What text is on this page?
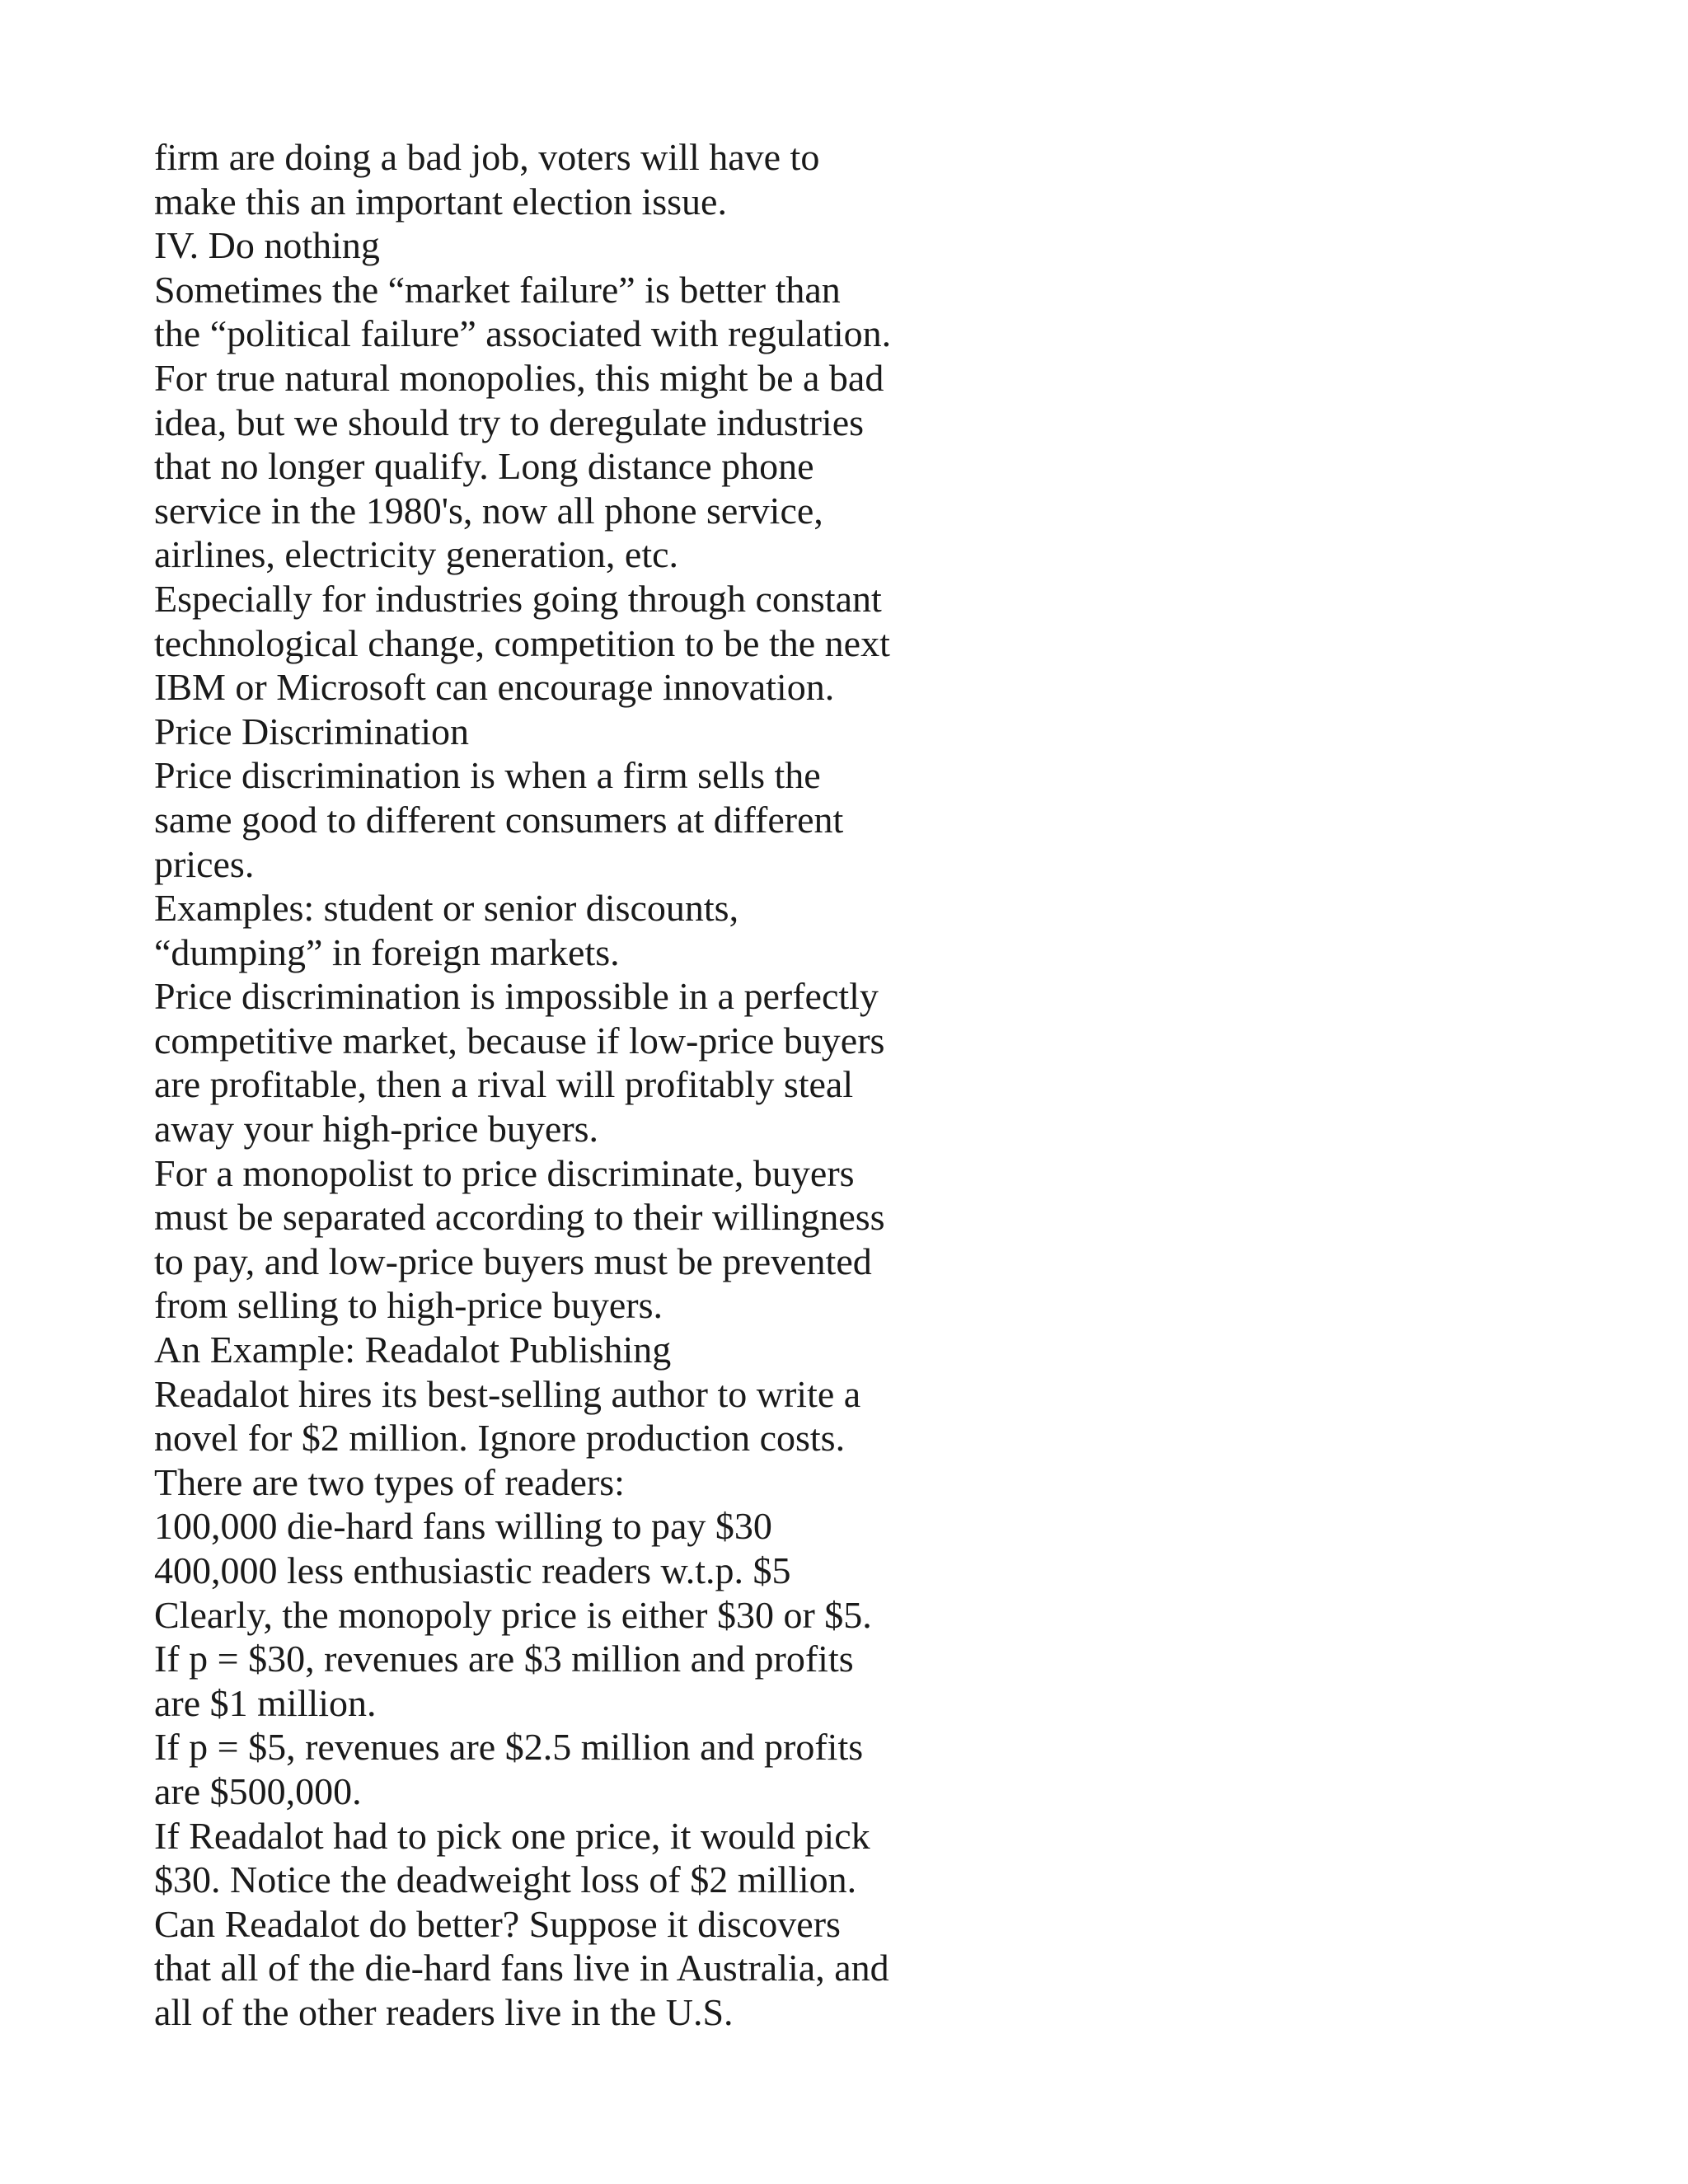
firm are doing a bad job, voters will have to
make this an important election issue.
IV. Do nothing
Sometimes the “market failure” is better than
the “political failure” associated with regulation.
For true natural monopolies, this might be a bad
idea, but we should try to deregulate industries
that no longer qualify. Long distance phone
service in the 1980's, now all phone service,
airlines, electricity generation, etc.
Especially for industries going through constant
technological change, competition to be the next
IBM or Microsoft can encourage innovation.
Price Discrimination
Price discrimination is when a firm sells the
same good to different consumers at different
prices.
Examples: student or senior discounts,
“dumping” in foreign markets.
Price discrimination is impossible in a perfectly
competitive market, because if low-price buyers
are profitable, then a rival will profitably steal
away your high-price buyers.
For a monopolist to price discriminate, buyers
must be separated according to their willingness
to pay, and low-price buyers must be prevented
from selling to high-price buyers.
An Example: Readalot Publishing
Readalot hires its best-selling author to write a
novel for $2 million. Ignore production costs.
There are two types of readers:
100,000 die-hard fans willing to pay $30
400,000 less enthusiastic readers w.t.p. $5
Clearly, the monopoly price is either $30 or $5.
If p = $30, revenues are $3 million and profits
are $1 million.
If p = $5, revenues are $2.5 million and profits
are $500,000.
If Readalot had to pick one price, it would pick
$30. Notice the deadweight loss of $2 million.
Can Readalot do better? Suppose it discovers
that all of the die-hard fans live in Australia, and
all of the other readers live in the U.S.
